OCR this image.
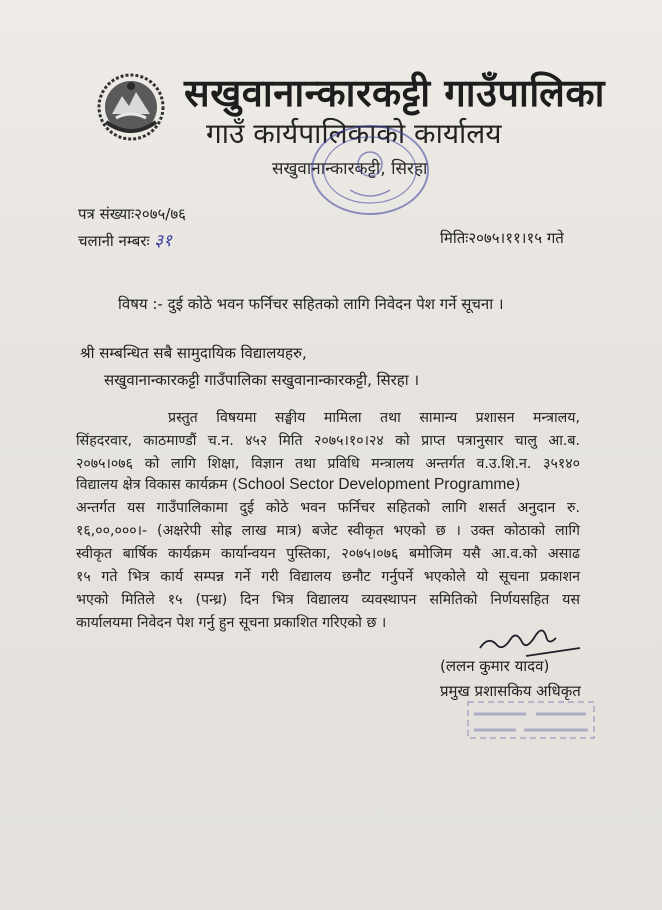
सखुवानान्कारकट्टी गाउँपालिका
गाउँ कार्यपालिकाको कार्यालय
सखुवानान्कारकट्टी, सिरहा
पत्र संख्याः२०७५/७६
चलानी नम्बरः ३१	मितिः२०७५।११।१५ गते
विषय :- दुई कोठे भवन फर्निचर सहितको लागि निवेदन पेश गर्ने सूचना ।
श्री सम्बन्धित सबै सामुदायिक विद्यालयहरु,
सखुवानान्कारकट्टी गाउँपालिका सखुवानान्कारकट्टी, सिरहा ।
प्रस्तुत विषयमा सङ्घीय मामिला तथा सामान्य प्रशासन मन्त्रालय,
सिंहदरवार, काठमाण्डौं च.न. ४५२ मिति २०७५।१०।२४ को प्राप्त पत्रानुसार चालु आ.ब.
२०७५।०७६ को लागि शिक्षा, विज्ञान तथा प्रविधि मन्त्रालय अन्तर्गत व.उ.शि.न. ३५१४०
विद्यालय क्षेत्र विकास कार्यक्रम (School Sector Development Programme)
अन्तर्गत यस गाउँपालिकामा दुई कोठे भवन फर्निचर सहितको लागि शसर्त अनुदान रु.
१६,००,०००।- (अक्षरेपी सोह्र लाख मात्र) बजेट स्वीकृत भएको छ । उक्त कोठाको लागि
स्वीकृत बार्षिक कार्यक्रम कार्यान्वयन पुस्तिका, २०७५।०७६ बमोजिम यसै आ.व.को असाढ
१५ गते भित्र कार्य सम्पन्न गर्ने गरी विद्यालय छनौट गर्नुपर्ने भएकोले यो सूचना प्रकाशन
भएको मितिले १५ (पन्ध्र) दिन भित्र विद्यालय व्यवस्थापन समितिको निर्णयसहित यस
कार्यालयमा निवेदन पेश गर्नु हुन सूचना प्रकाशित गरिएको छ ।
(ललन कुमार यादव)
प्रमुख प्रशासकिय अधिकृत
